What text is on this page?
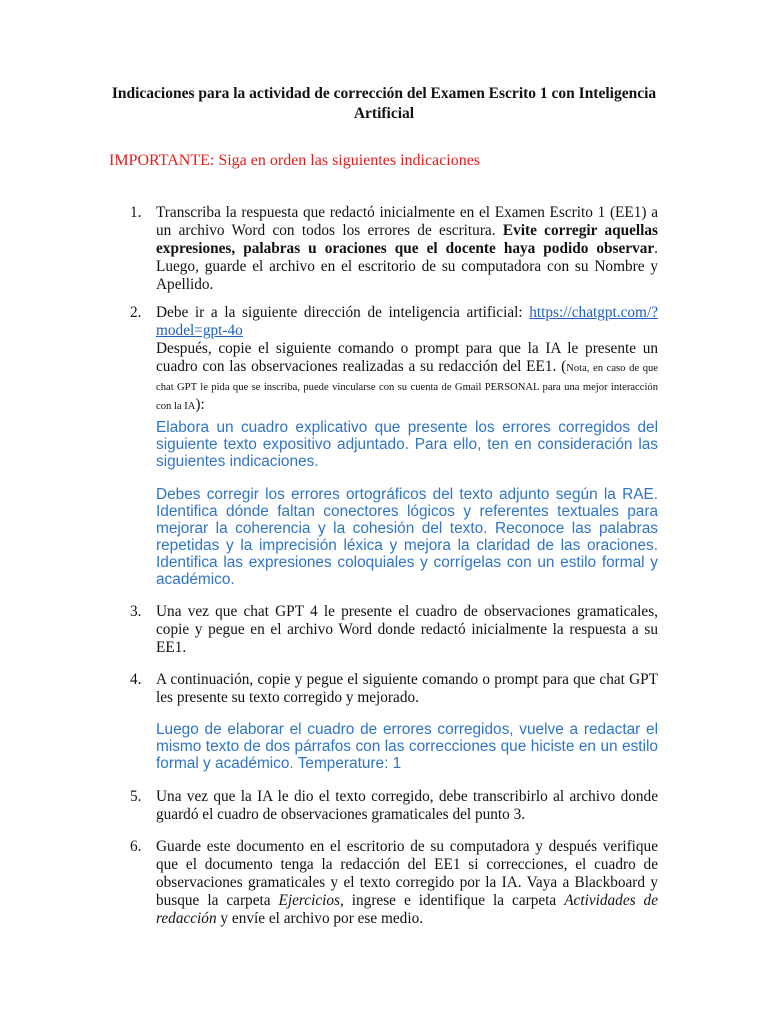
Indicaciones para la actividad de corrección del Examen Escrito 1 con Inteligencia Artificial
IMPORTANTE: Siga en orden las siguientes indicaciones
1. Transcriba la respuesta que redactó inicialmente en el Examen Escrito 1 (EE1) a un archivo Word con todos los errores de escritura. Evite corregir aquellas expresiones, palabras u oraciones que el docente haya podido observar. Luego, guarde el archivo en el escritorio de su computadora con su Nombre y Apellido.
2. Debe ir a la siguiente dirección de inteligencia artificial: https://chatgpt.com/?model=gpt-4o
Después, copie el siguiente comando o prompt para que la IA le presente un cuadro con las observaciones realizadas a su redacción del EE1. (Nota, en caso de que chat GPT le pida que se inscriba, puede vincularse con su cuenta de Gmail PERSONAL para una mejor interacción con la IA):
Elabora un cuadro explicativo que presente los errores corregidos del siguiente texto expositivo adjuntado. Para ello, ten en consideración las siguientes indicaciones.
Debes corregir los errores ortográficos del texto adjunto según la RAE. Identifica dónde faltan conectores lógicos y referentes textuales para mejorar la coherencia y la cohesión del texto. Reconoce las palabras repetidas y la imprecisión léxica y mejora la claridad de las oraciones. Identifica las expresiones coloquiales y corrígelas con un estilo formal y académico.
3. Una vez que chat GPT 4 le presente el cuadro de observaciones gramaticales, copie y pegue en el archivo Word donde redactó inicialmente la respuesta a su EE1.
4. A continuación, copie y pegue el siguiente comando o prompt para que chat GPT les presente su texto corregido y mejorado.
Luego de elaborar el cuadro de errores corregidos, vuelve a redactar el mismo texto de dos párrafos con las correcciones que hiciste en un estilo formal y académico. Temperature: 1
5. Una vez que la IA le dio el texto corregido, debe transcribirlo al archivo donde guardó el cuadro de observaciones gramaticales del punto 3.
6. Guarde este documento en el escritorio de su computadora y después verifique que el documento tenga la redacción del EE1 si correcciones, el cuadro de observaciones gramaticales y el texto corregido por la IA. Vaya a Blackboard y busque la carpeta Ejercicios, ingrese e identifique la carpeta Actividades de redacción y envíe el archivo por ese medio.
